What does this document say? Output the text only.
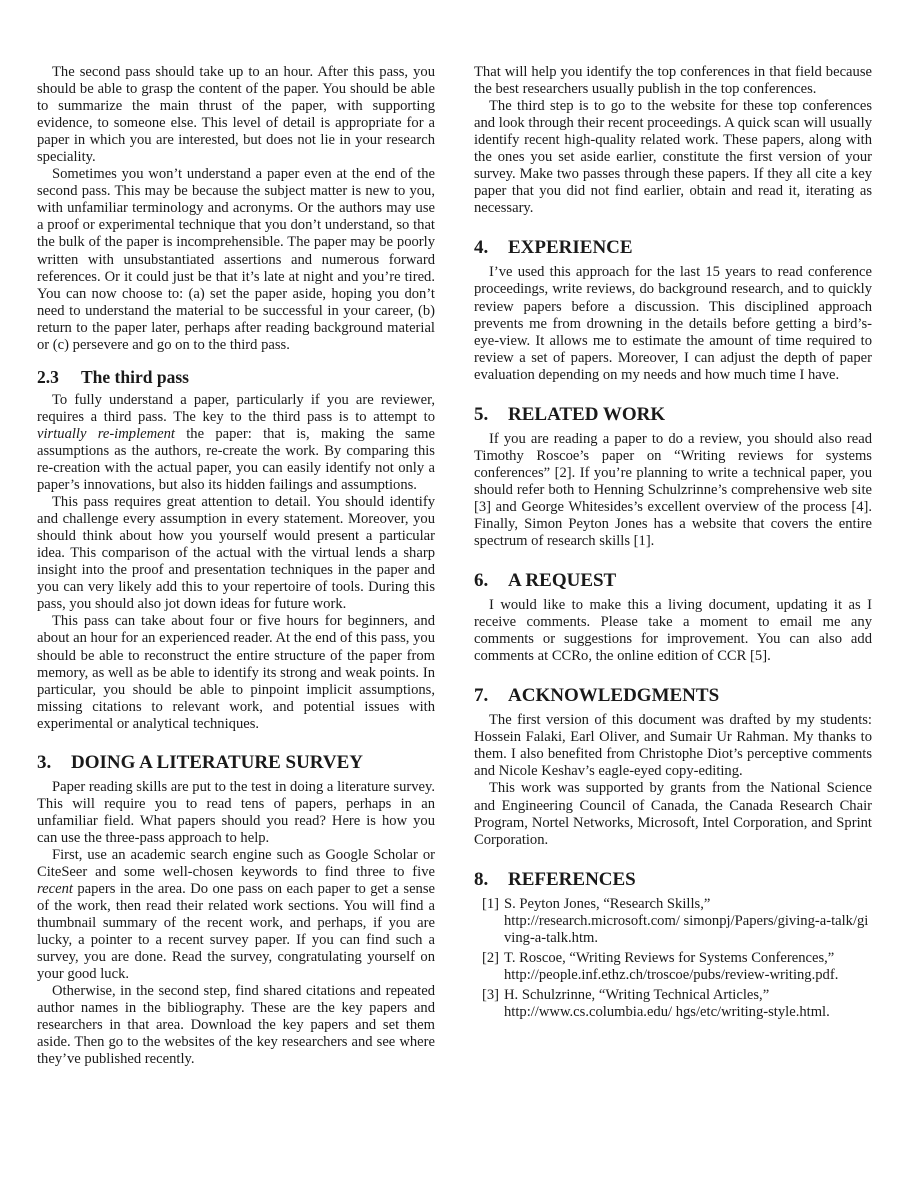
The second pass should take up to an hour. After this pass, you should be able to grasp the content of the paper. You should be able to summarize the main thrust of the paper, with supporting evidence, to someone else. This level of detail is appropriate for a paper in which you are interested, but does not lie in your research speciality.

Sometimes you won’t understand a paper even at the end of the second pass. This may be because the subject matter is new to you, with unfamiliar terminology and acronyms. Or the authors may use a proof or experimental technique that you don’t understand, so that the bulk of the paper is incomprehensible. The paper may be poorly written with unsubstantiated assertions and numerous forward references. Or it could just be that it’s late at night and you’re tired. You can now choose to: (a) set the paper aside, hoping you don’t need to understand the material to be successful in your career, (b) return to the paper later, perhaps after reading background material or (c) persevere and go on to the third pass.

2.3 The third pass

To fully understand a paper, particularly if you are reviewer, requires a third pass. The key to the third pass is to attempt to virtually re-implement the paper: that is, making the same assumptions as the authors, re-create the work. By comparing this re-creation with the actual paper, you can easily identify not only a paper’s innovations, but also its hidden failings and assumptions.

This pass requires great attention to detail. You should identify and challenge every assumption in every statement. Moreover, you should think about how you yourself would present a particular idea. This comparison of the actual with the virtual lends a sharp insight into the proof and presentation techniques in the paper and you can very likely add this to your repertoire of tools. During this pass, you should also jot down ideas for future work.

This pass can take about four or five hours for beginners, and about an hour for an experienced reader. At the end of this pass, you should be able to reconstruct the entire structure of the paper from memory, as well as be able to identify its strong and weak points. In particular, you should be able to pinpoint implicit assumptions, missing citations to relevant work, and potential issues with experimental or analytical techniques.

3. DOING A LITERATURE SURVEY

Paper reading skills are put to the test in doing a literature survey. This will require you to read tens of papers, perhaps in an unfamiliar field. What papers should you read? Here is how you can use the three-pass approach to help.

First, use an academic search engine such as Google Scholar or CiteSeer and some well-chosen keywords to find three to five recent papers in the area. Do one pass on each paper to get a sense of the work, then read their related work sections. You will find a thumbnail summary of the recent work, and perhaps, if you are lucky, a pointer to a recent survey paper. If you can find such a survey, you are done. Read the survey, congratulating yourself on your good luck.

Otherwise, in the second step, find shared citations and repeated author names in the bibliography. These are the key papers and researchers in that area. Download the key papers and set them aside. Then go to the websites of the key researchers and see where they’ve published recently.

That will help you identify the top conferences in that field because the best researchers usually publish in the top conferences.

The third step is to go to the website for these top conferences and look through their recent proceedings. A quick scan will usually identify recent high-quality related work. These papers, along with the ones you set aside earlier, constitute the first version of your survey. Make two passes through these papers. If they all cite a key paper that you did not find earlier, obtain and read it, iterating as necessary.

4. EXPERIENCE

I’ve used this approach for the last 15 years to read conference proceedings, write reviews, do background research, and to quickly review papers before a discussion. This disciplined approach prevents me from drowning in the details before getting a bird’s-eye-view. It allows me to estimate the amount of time required to review a set of papers. Moreover, I can adjust the depth of paper evaluation depending on my needs and how much time I have.

5. RELATED WORK

If you are reading a paper to do a review, you should also read Timothy Roscoe’s paper on “Writing reviews for systems conferences” [2]. If you’re planning to write a technical paper, you should refer both to Henning Schulzrinne’s comprehensive web site [3] and George Whitesides’s excellent overview of the process [4]. Finally, Simon Peyton Jones has a website that covers the entire spectrum of research skills [1].

6. A REQUEST

I would like to make this a living document, updating it as I receive comments. Please take a moment to email me any comments or suggestions for improvement. You can also add comments at CCRo, the online edition of CCR [5].

7. ACKNOWLEDGMENTS

The first version of this document was drafted by my students: Hossein Falaki, Earl Oliver, and Sumair Ur Rahman. My thanks to them. I also benefited from Christophe Diot’s perceptive comments and Nicole Keshav’s eagle-eyed copy-editing.

This work was supported by grants from the National Science and Engineering Council of Canada, the Canada Research Chair Program, Nortel Networks, Microsoft, Intel Corporation, and Sprint Corporation.

8. REFERENCES
[1] S. Peyton Jones, “Research Skills,”
http://research.microsoft.com/ simonpj/Papers/giving-a-talk/giving-a-talk.htm.
[2] T. Roscoe, “Writing Reviews for Systems Conferences,”
http://people.inf.ethz.ch/troscoe/pubs/review-writing.pdf.
[3] H. Schulzrinne, “Writing Technical Articles,”
http://www.cs.columbia.edu/ hgs/etc/writing-style.html.
